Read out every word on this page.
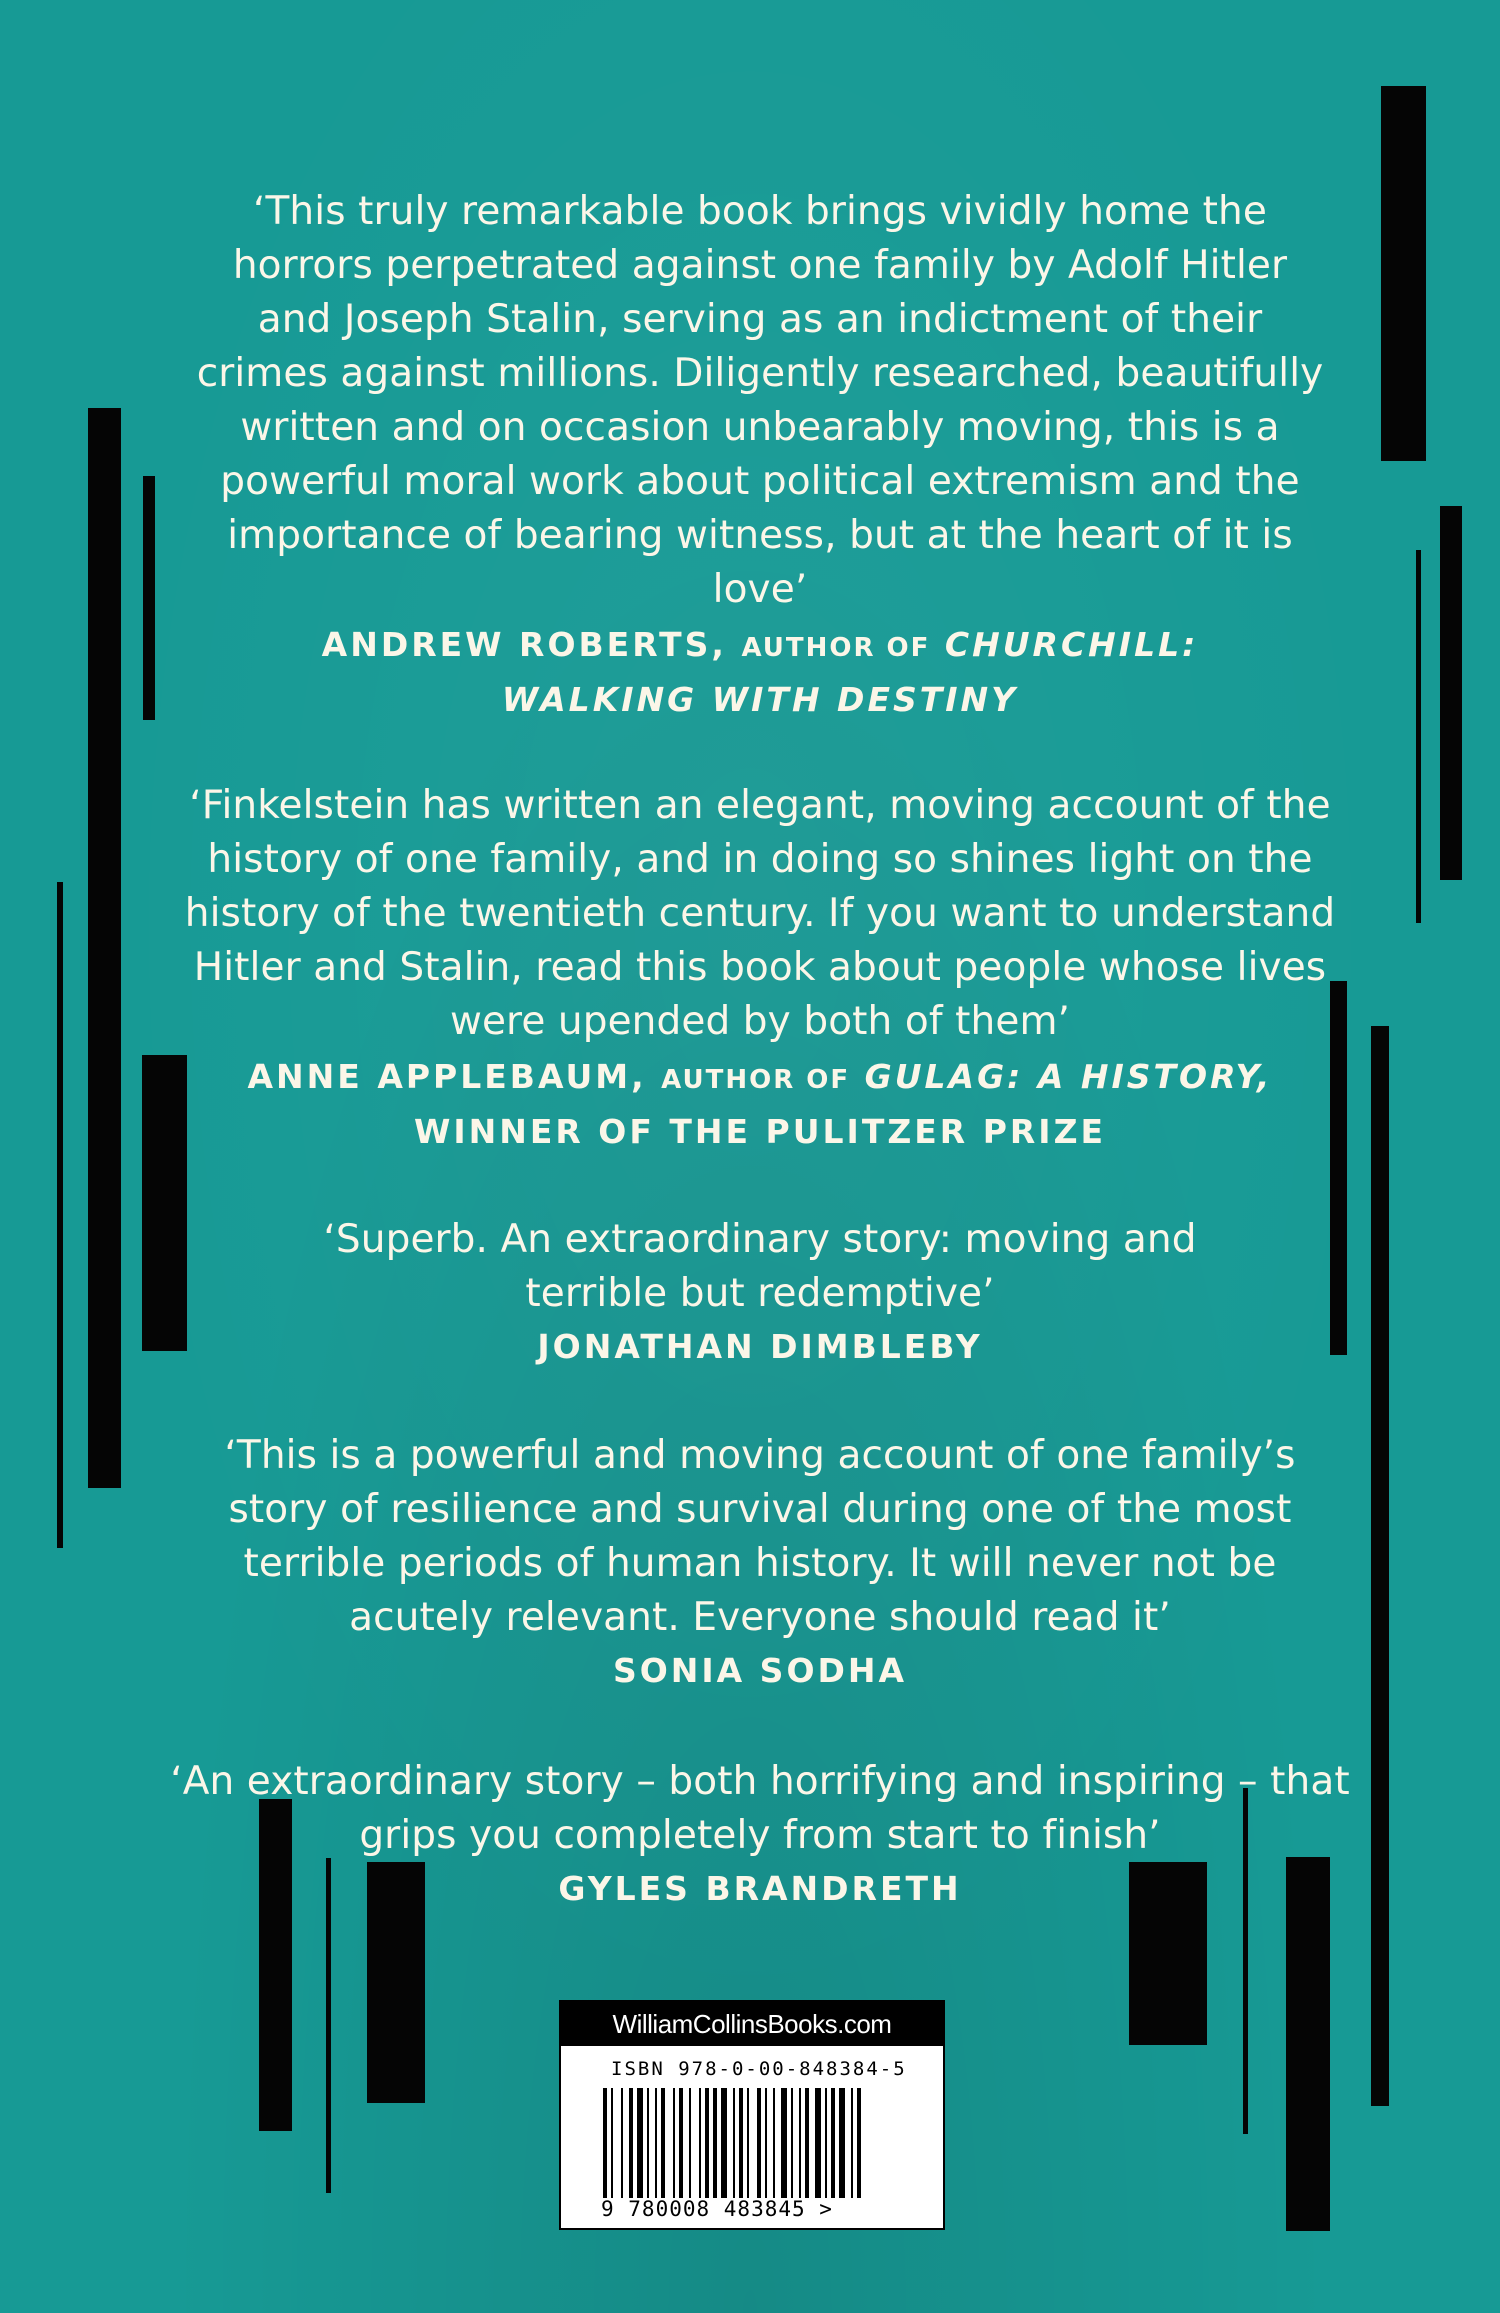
‘This truly remarkable book brings vividly home the horrors perpetrated against one family by Adolf Hitler and Joseph Stalin, serving as an indictment of their crimes against millions. Diligently researched, beautifully written and on occasion unbearably moving, this is a powerful moral work about political extremism and the importance of bearing witness, but at the heart of it is love’

ANDREW ROBERTS, AUTHOR OF CHURCHILL:
WALKING WITH DESTINY

‘Finkelstein has written an elegant, moving account of the history of one family, and in doing so shines light on the history of the twentieth century. If you want to understand Hitler and Stalin, read this book about people whose lives were upended by both of them’

ANNE APPLEBAUM, AUTHOR OF GULAG: A HISTORY,
WINNER OF THE PULITZER PRIZE

‘Superb. An extraordinary story: moving and terrible but redemptive’

JONATHAN DIMBLEBY

‘This is a powerful and moving account of one family’s story of resilience and survival during one of the most terrible periods of human history. It will never not be acutely relevant. Everyone should read it’

SONIA SODHA

‘An extraordinary story – both horrifying and inspiring – that grips you completely from start to finish’

GYLES BRANDRETH

WilliamCollinsBooks.com
ISBN 978-0-00-848384-5
9 780008 483845 >
